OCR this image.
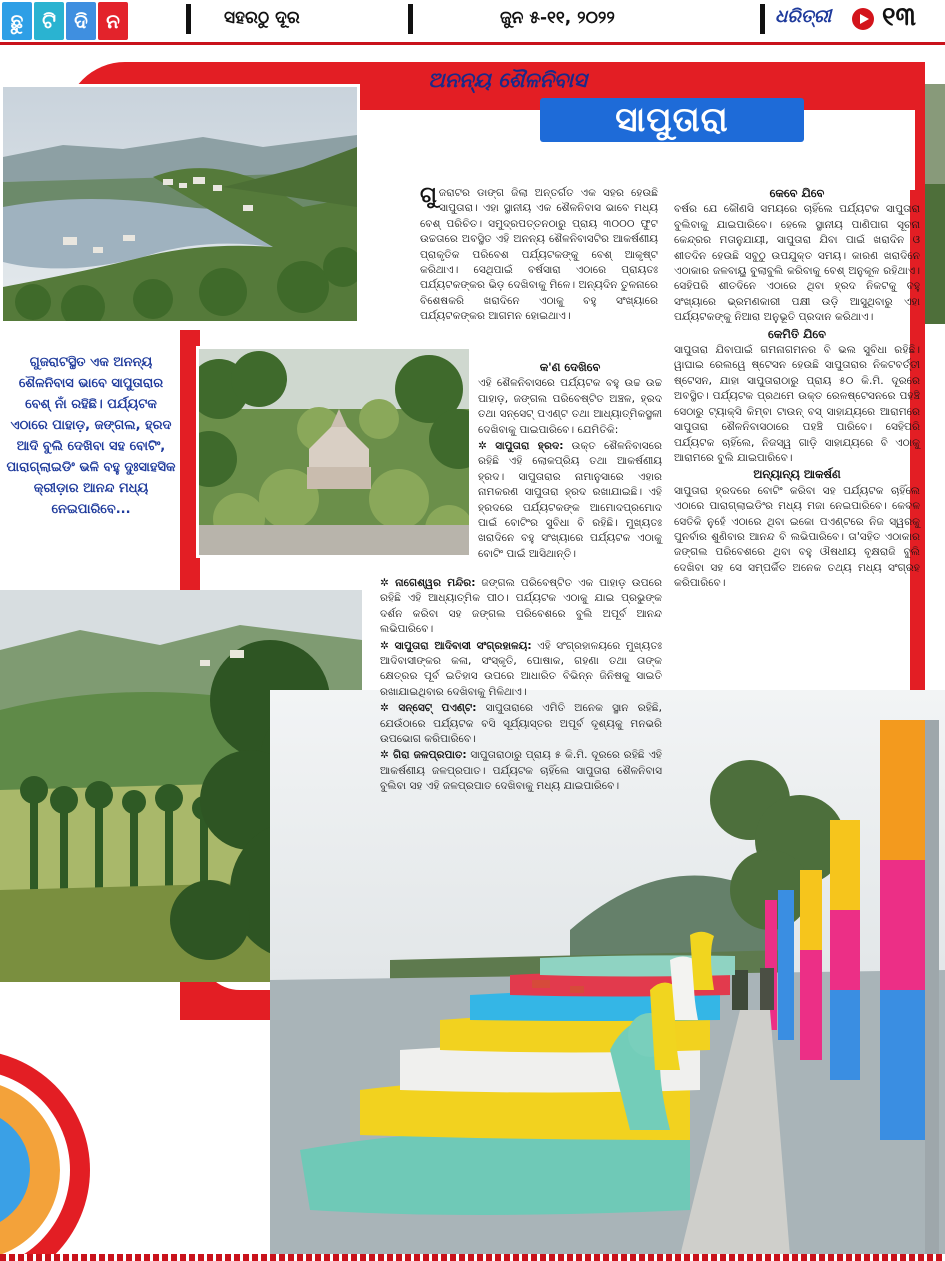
ଛୁ ଟି ଦି ନ	ସହରଠୁ ଦୂର	ଜୁନ ୫-୧୧, ୨୦୨୨	ଧରିତ୍ରୀ ୧୩
ଅନନ୍ୟ ଶୈଳନିବାସ
ସାପୁତାରା
ଗୁଜରାଟସ୍ଥିତ ଏକ ଅନନ୍ୟ ଶୈଳନିବାସ ଭାବେ ସାପୁତାରାର ବେଶ୍ ନାଁ ରହିଛି। ପର୍ଯ୍ୟଟକ ଏଠାରେ ପାହାଡ଼, ଜଙ୍ଗଲ, ହ୍ରଦ ଆଦି ବୁଲି ଦେଖିବା ସହ ବୋଟିଂ, ପାରାଗ୍ଲାଇଡିଂ ଭଳି ବହୁ ଦୁଃସାହସିକ କ୍ରୀଡ଼ାର ଆନନ୍ଦ ମଧ୍ୟ ନେଇପାରିବେ...

ଗୁଜରାଟର ଡାଙ୍ଗ ଜିଲା ଅନ୍ତର୍ଗତ ଏକ ସହର ହେଉଛି ସାପୁତାରା। ଏହା ସ୍ଥାନୀୟ ଏକ ଶୈଳନିବାସ ଭାବେ ମଧ୍ୟ ବେଶ୍ ପରିଚିତ। ସମୁଦ୍ରପତ୍ତନଠାରୁ ପ୍ରାୟ ୩୦୦୦ ଫୁଟ ଉଚ୍ଚତାରେ ଅବସ୍ଥିତ ଏହି ଅନନ୍ୟ ଶୈଳନିବାସଟିର ଆକର୍ଷଣୀୟ ପ୍ରାକୃତିକ ପରିବେଶ ପର୍ଯ୍ୟଟକଙ୍କୁ ବେଶ୍ ଆକୃଷ୍ଟ କରିଥାଏ। ସେଥିପାଇଁ ବର୍ଷସାରା ଏଠାରେ ପ୍ରାୟତଃ ପର୍ଯ୍ୟଟକଙ୍କର ଭିଡ଼ ଦେଖିବାକୁ ମିଳେ। ଅନ୍ୟଦିନ ତୁଳନାରେ ବିଶେଷକରି ଖରାଦିନେ ଏଠାକୁ ବହୁ ସଂଖ୍ୟାରେ ପର୍ଯ୍ୟଟକଙ୍କର ଆଗମନ ହୋଇଥାଏ।

କ'ଣ ଦେଖିବେ

ଏହି ଶୈଳନିବାସରେ ପର୍ଯ୍ୟଟକ ବହୁ ଉଚ୍ଚ ଉଚ୍ଚ ପାହାଡ଼, ଜଙ୍ଗଲ ପରିବେଷ୍ଟିତ ଅଞ୍ଚଳ, ହ୍ରଦ ତଥା ସନ୍‌ସେଟ୍ ପଏଣ୍ଟ ତଥା ଆଧ୍ୟାତ୍ମିକସ୍ଥଳୀ ଦେଖିବାକୁ ପାଇପାରିବେ। ଯେମିତିକି:

✲ ସାପୁତାରା ହ୍ରଦ: ଉକ୍ତ ଶୈଳନିବାସରେ ରହିଛି ଏହି ଲୋକପ୍ରିୟ ତଥା ଆକର୍ଷଣୀୟ ହ୍ରଦ। ସାପୁତାରାର ନାମାନୁସାରେ ଏହାର ନାମକରଣ ସାପୁତାରା ହ୍ରଦ ରଖାଯାଇଛି। ଏହି ହ୍ରଦରେ ପର୍ଯ୍ୟଟକଙ୍କ ଆମୋଦପ୍ରମୋଦ ପାଇଁ ବୋଟିଂର ସୁବିଧା ବି ରହିଛି। ମୁଖ୍ୟତଃ ଖରାଦିନେ ବହୁ ସଂଖ୍ୟାରେ ପର୍ଯ୍ୟଟକ ଏଠାକୁ ବୋଟିଂ ପାଇଁ ଆସିଥାନ୍ତି।

✲ ନାଗେଶ୍ୱର ମନ୍ଦିର: ଜଙ୍ଗଲ ପରିବେଷ୍ଟିତ ଏକ ପାହାଡ଼ ଉପରେ ରହିଛି ଏହି ଆଧ୍ୟାତ୍ମିକ ପୀଠ। ପର୍ଯ୍ୟଟକ ଏଠାକୁ ଯାଇ ପ୍ରଭୁଙ୍କ ଦର୍ଶନ କରିବା ସହ ଜଙ୍ଗଲ ପରିବେଶରେ ବୁଲି ଅପୂର୍ବ ଆନନ୍ଦ ଲଭିପାରିବେ।

✲ ସାପୁତାରା ଆଦିବାସୀ ସଂଗ୍ରହାଳୟ: ଏହି ସଂଗ୍ରହାଳୟରେ ମୁଖ୍ୟତଃ ଆଦିବାସୀଙ୍କର କଳା, ସଂସ୍କୃତି, ପୋଷାକ, ଗହଣା ତଥା ତାଙ୍କ କ୍ଷେତ୍ରର ପୂର୍ବ ଇତିହାସ ଉପରେ ଆଧାରିତ ବିଭିନ୍ନ ଜିନିଷକୁ ସାଇତି ରଖାଯାଇଥିବାର ଦେଖିବାକୁ ମିଳିଥାଏ।

✲ ସନ୍‌ସେଟ୍ ପଏଣ୍ଟ: ସାପୁତାରାରେ ଏମିତି ଅନେକ ସ୍ଥାନ ରହିଛି, ଯେଉଁଠାରେ ପର୍ଯ୍ୟଟକ ବସି ସୂର୍ଯ୍ୟାସ୍ତର ଅପୂର୍ବ ଦୃଶ୍ୟକୁ ମନଭରି ଉପଭୋଗ କରିପାରିବେ।

✲ ଗିରା ଜଳପ୍ରପାତ: ସାପୁତାରାଠାରୁ ପ୍ରାୟ ୫ କି.ମି. ଦୂରରେ ରହିଛି ଏହି ଆକର୍ଷଣୀୟ ଜଳପ୍ରପାତ। ପର୍ଯ୍ୟଟକ ଚାହିଁଲେ ସାପୁତାରା ଶୈଳନିବାସ ବୁଲିବା ସହ ଏହି ଜଳପ୍ରପାତ ଦେଖିବାକୁ ମଧ୍ୟ ଯାଇପାରିବେ।

କେବେ ଯିବେ

ବର୍ଷର ଯେ କୌଣସି ସମୟରେ ଚାହିଁଲେ ପର୍ଯ୍ୟଟକ ସାପୁତାରା ବୁଲିବାକୁ ଯାଇପାରିବେ। ହେଲେ ସ୍ଥାନୀୟ ପାଣିପାଗ ସୂଚନା କେନ୍ଦ୍ରର ମତାନୁଯାୟୀ, ସାପୁତାରା ଯିବା ପାଇଁ ଖରାଦିନ ଓ ଶୀତଦିନ ହେଉଛି ସବୁଠୁ ଉପଯୁକ୍ତ ସମୟ। କାରଣ ଖରାଦିନେ ଏଠାକାର ଜଳବାୟୁ ବୁଲାବୁଲି କରିବାକୁ ବେଶ୍ ଅନୁକୂଳ ରହିଥାଏ। ସେହିପରି ଶୀତଦିନେ ଏଠାରେ ଥିବା ହ୍ରଦ ନିକଟକୁ ବହୁ ସଂଖ୍ୟାରେ ଭ୍ରମଣକାରୀ ପକ୍ଷୀ ଉଡ଼ି ଆସୁଥିବାରୁ ଏହା ପର୍ଯ୍ୟଟକଙ୍କୁ ନିଆରା ଅନୁଭୂତି ପ୍ରଦାନ କରିଥାଏ।

କେମିତି ଯିବେ

ସାପୁତାରା ଯିବାପାଇଁ ଗମନାଗମନର ବି ଭଲ ସୁବିଧା ରହିଛି। ୱାଘାଇ ରେଲୱେ ଷ୍ଟେସନ ହେଉଛି ସାପୁତାରାର ନିକଟବର୍ତ୍ତୀ ଷ୍ଟେସନ, ଯାହା ସାପୁତାରାଠାରୁ ପ୍ରାୟ ୫୦ କି.ମି. ଦୂରରେ ଅବସ୍ଥିତ। ପର୍ଯ୍ୟଟକ ପ୍ରଥମେ ଉକ୍ତ ରେଳଷ୍ଟେସନରେ ପହଞ୍ଚି ସେଠାରୁ ଟ୍ୟାକ୍ସି କିମ୍ବା ଟାଉନ୍ ବସ୍ ସାହାଯ୍ୟରେ ଆରାମରେ ସାପୁତାରା ଶୈଳନିବାସଠାରେ ପହଞ୍ଚି ପାରିବେ। ସେହିପରି ପର୍ଯ୍ୟଟକ ଚାହିଁଲେ, ନିଜସ୍ୱ ଗାଡ଼ି ସାହାଯ୍ୟରେ ବି ଏଠାକୁ ଆରାମରେ ବୁଲି ଯାଇପାରିବେ।

ଅନ୍ୟାନ୍ୟ ଆକର୍ଷଣ

ସାପୁତାରା ହ୍ରଦରେ ବୋଟିଂ କରିବା ସହ ପର୍ଯ୍ୟଟକ ଚାହିଁଲେ ଏଠାରେ ପାରାଗ୍ଲାଇଡିଂର ମଧ୍ୟ ମଜା ନେଇପାରିବେ। କେବଳ ସେତିକି ନୁହେଁ ଏଠାରେ ଥିବା ଇକୋ ପଏଣ୍ଟରେ ନିଜ ସ୍ୱରକୁ ପୁନର୍ବାର ଶୁଣିବାର ଆନନ୍ଦ ବି ଲଭିପାରିବେ। ତା'ସହିତ ଏଠାକାର ଜଙ୍ଗଲ ପରିବେଶରେ ଥିବା ବହୁ ଔଷଧୀୟ ବୃକ୍ଷରାଜି ବୁଲି ଦେଖିବା ସହ ସେ ସମ୍ପର୍କିତ ଅନେକ ତଥ୍ୟ ମଧ୍ୟ ସଂଗ୍ରହ କରିପାରିବେ।
